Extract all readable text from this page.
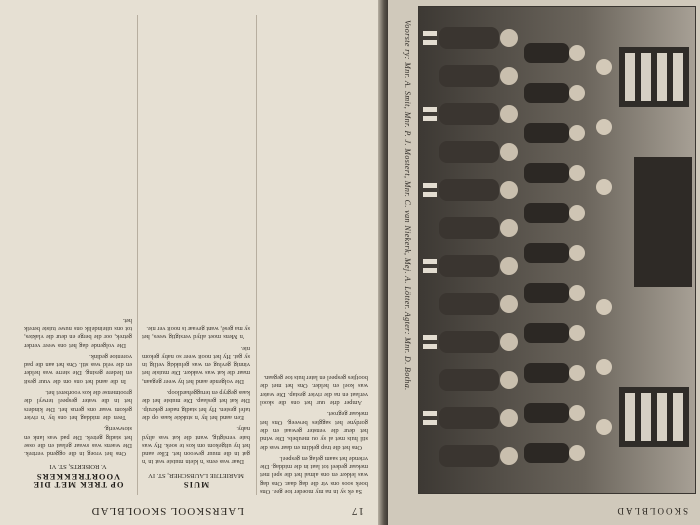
17
LAERSKOOL SKOOLBLAD

Sa ek sy in na my moeder toe gee. Ons boek soos ons vir die dag daar. Ons dag was lekker en ons almal het die spel met mekaar gedeel tot laat in die middag. Die vriende het saam gelag en gespeel.

Ons het die trap geklim en daar was die stil huis met al sy ou meubels. Die wind het deur die venster gewaai en die gordyne het saggies beweeg. Ons het mekaar gegroet.

Amper drie uur het ons die skool verlaat en na die rivier gestap. Die water was koel en helder. Ons het met die bootjies gespeel en later huis toe gegaan.

MUIS
MARIETJIE LAUBSCHER, ST. IV

Daar was eens 'n klein muisie wat in 'n gat in die muur gewoon het. Elke aand het hy uitgekom om kos te soek. Hy was baie versigtig, want die kat was altyd naby.

Een aand het hy 'n stukkie kaas op die tafel gesien. Hy het stadig nader gekruip. Die kat het geslaap. Die muisie het die kaas gegryp en teruggehardloop.

Die volgende aand het hy weer gegaan, maar die kat was wakker. Die muisie het vinnig gevlug en was gelukkig veilig in sy gat. Hy het nooit weer so naby gekom nie.

'n Mens moet altyd versigtig wees, het sy ma gesê, want gevaar is nooit ver nie.

OP TREK MET DIE VOORTREKKERS
V. ROBERTS, ST. VI

Ons het vroeg in die oggend vertrek. Die waens was swaar gelaai en die osse het stadig getrek. Die pad was lank en stowwerig.

Teen die middag het ons by 'n rivier gekom waar ons gerus het. Die kinders het in die water gespeel terwyl die grootmense die kos voorberei het.

In die aand het ons om die vuur gesit en liedere gesing. Die sterre was helder en die veld was stil. Ons het aan die pad vorentoe gedink.

Die volgende dag het ons weer verder getrek, oor die berge en deur die vlaktes, tot ons uiteindelik ons nuwe tuiste bereik het.	Voorste ry: Mnr. A. Smit, Mnr. P. J. Mostert, Mnr. C. van Niekerk, Mej. A. Lötter. Agter: Mnr. D. Botha.
SKOOLBLAD
